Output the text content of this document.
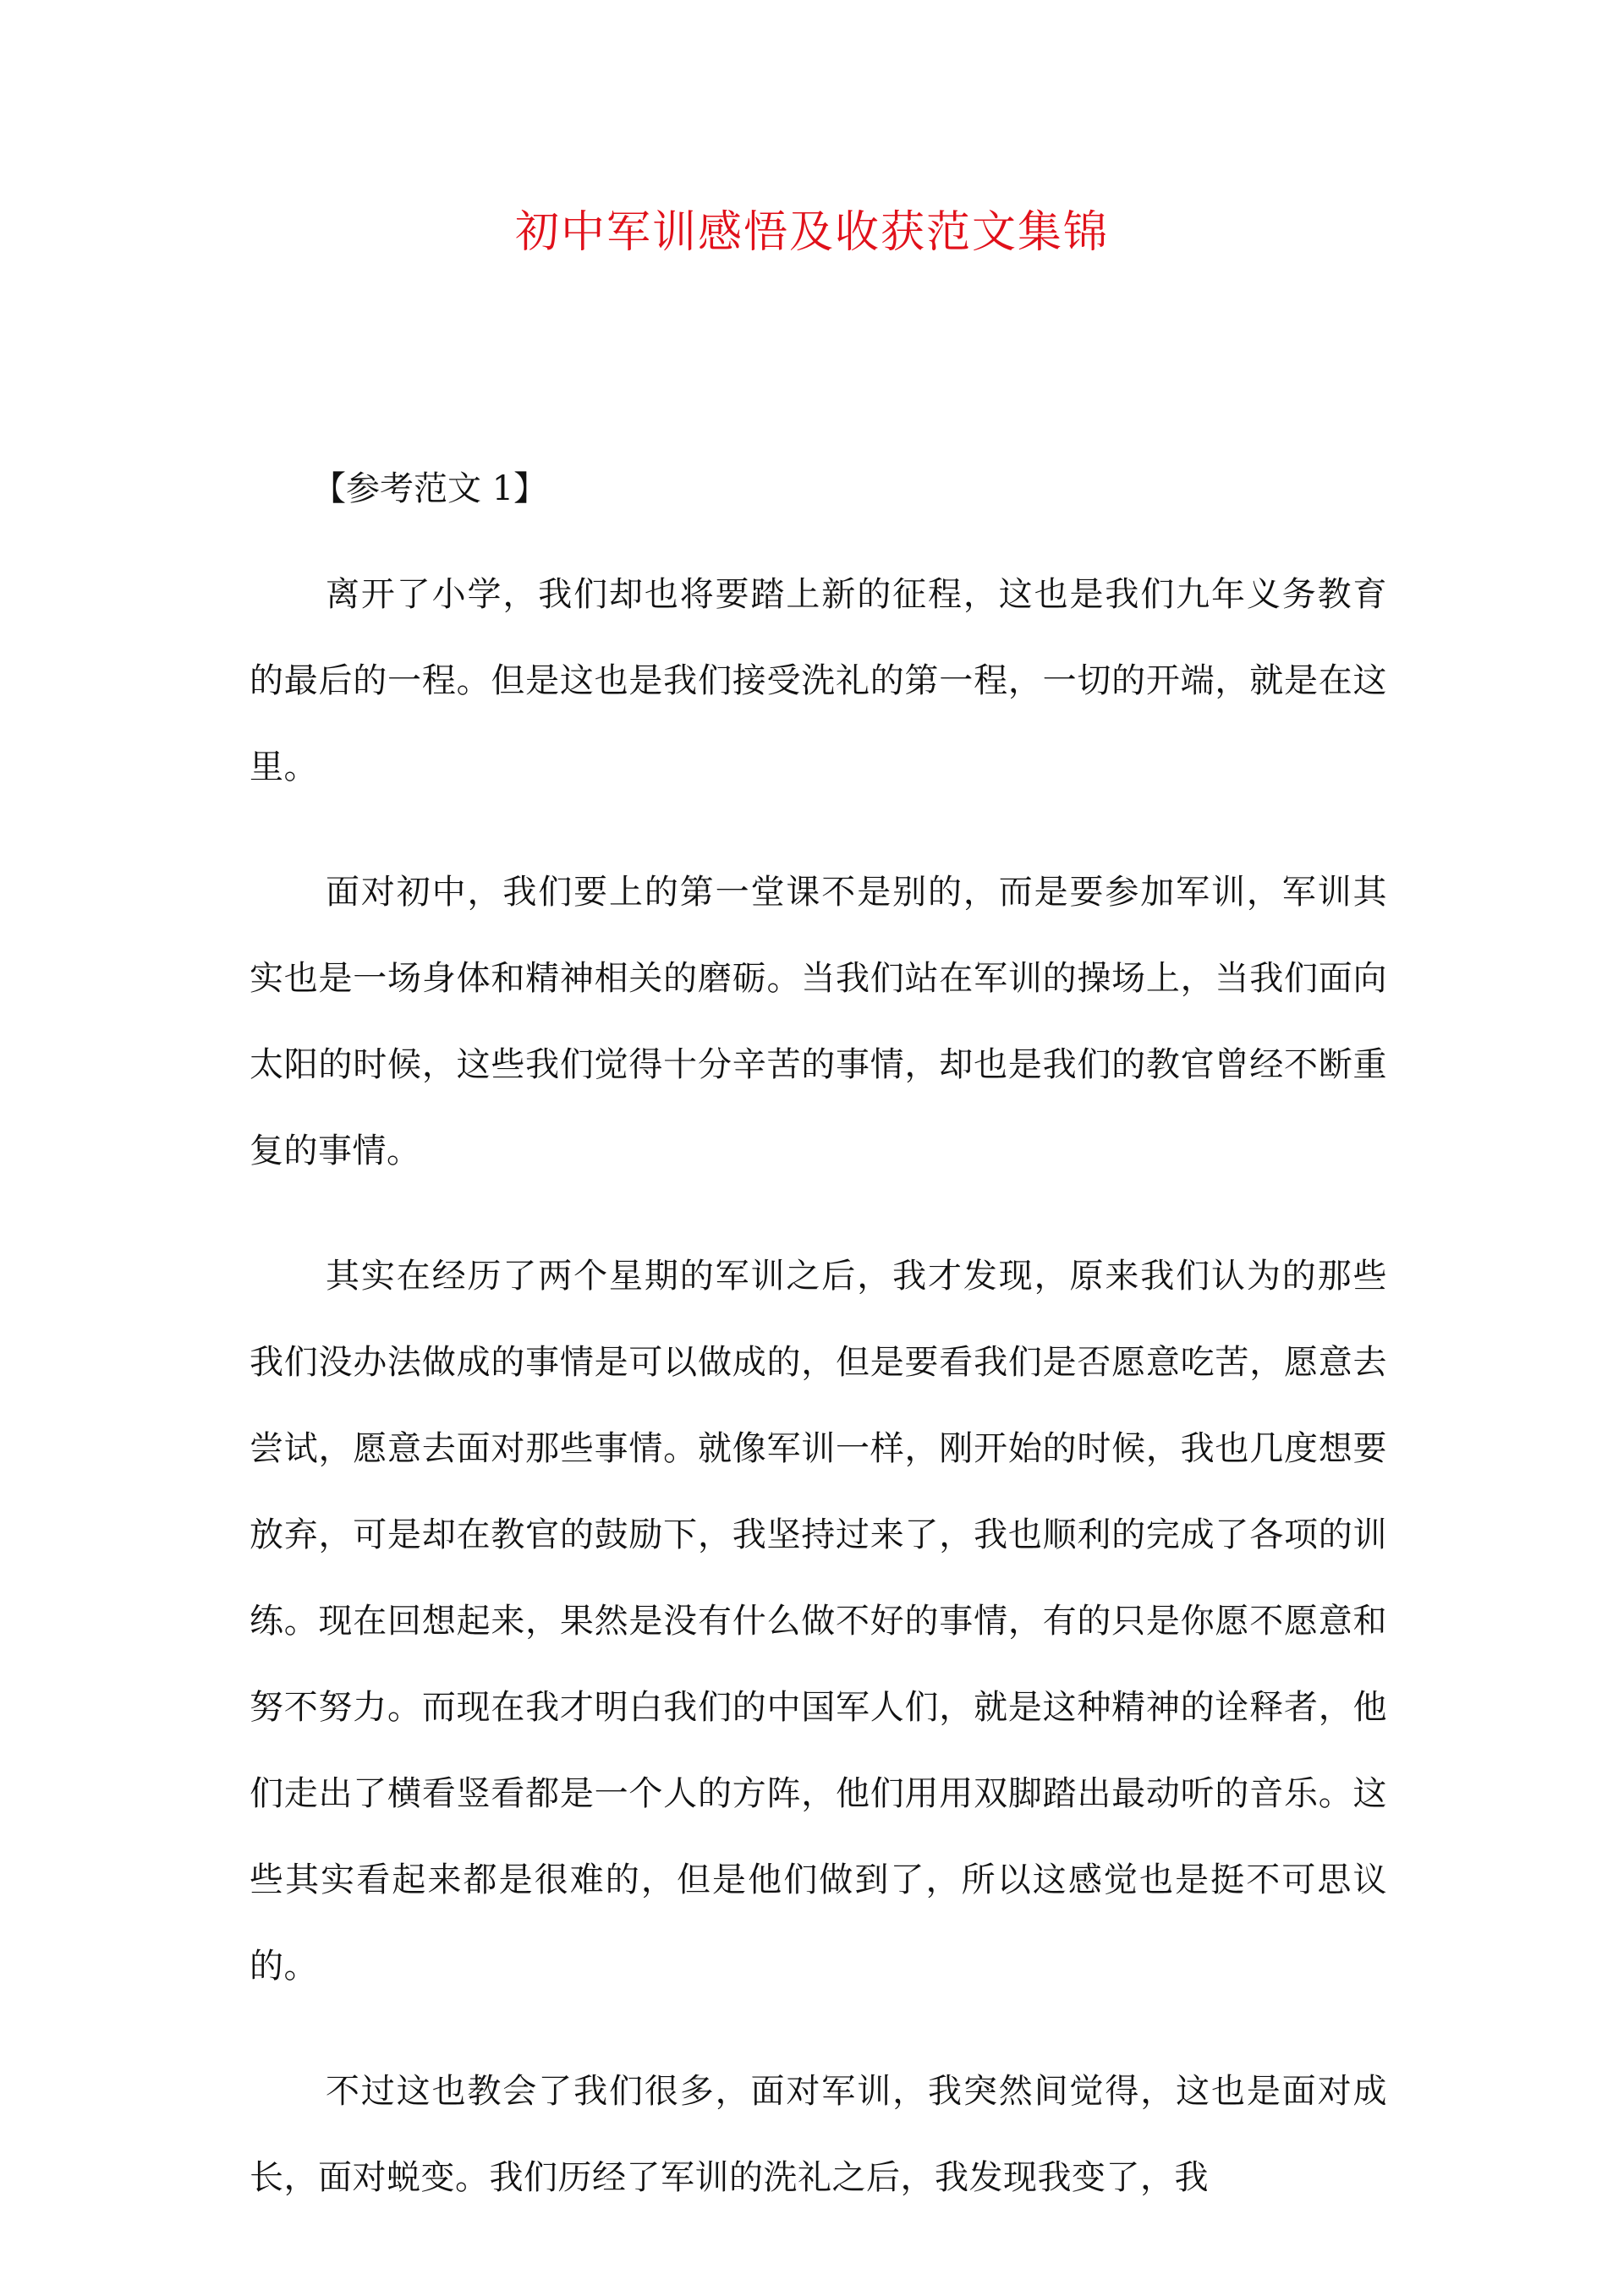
初中军训感悟及收获范文集锦

【参考范文 1】

离开了小学，我们却也将要踏上新的征程，这也是我们九年义务教育的最后的一程。但是这也是我们接受洗礼的第一程，一切的开端，就是在这里。

面对初中，我们要上的第一堂课不是别的，而是要参加军训，军训其实也是一场身体和精神相关的磨砺。当我们站在军训的操场上，当我们面向太阳的时候，这些我们觉得十分辛苦的事情，却也是我们的教官曾经不断重复的事情。

其实在经历了两个星期的军训之后，我才发现，原来我们认为的那些我们没办法做成的事情是可以做成的，但是要看我们是否愿意吃苦，愿意去尝试，愿意去面对那些事情。就像军训一样，刚开始的时候，我也几度想要放弃，可是却在教官的鼓励下，我坚持过来了，我也顺利的完成了各项的训练。现在回想起来，果然是没有什么做不好的事情，有的只是你愿不愿意和努不努力。而现在我才明白我们的中国军人们，就是这种精神的诠释者，他们走出了横看竖看都是一个人的方阵，他们用用双脚踏出最动听的音乐。这些其实看起来都是很难的，但是他们做到了，所以这感觉也是挺不可思议的。

不过这也教会了我们很多，面对军训，我突然间觉得，这也是面对成长，面对蜕变。我们历经了军训的洗礼之后，我发现我变了，我
